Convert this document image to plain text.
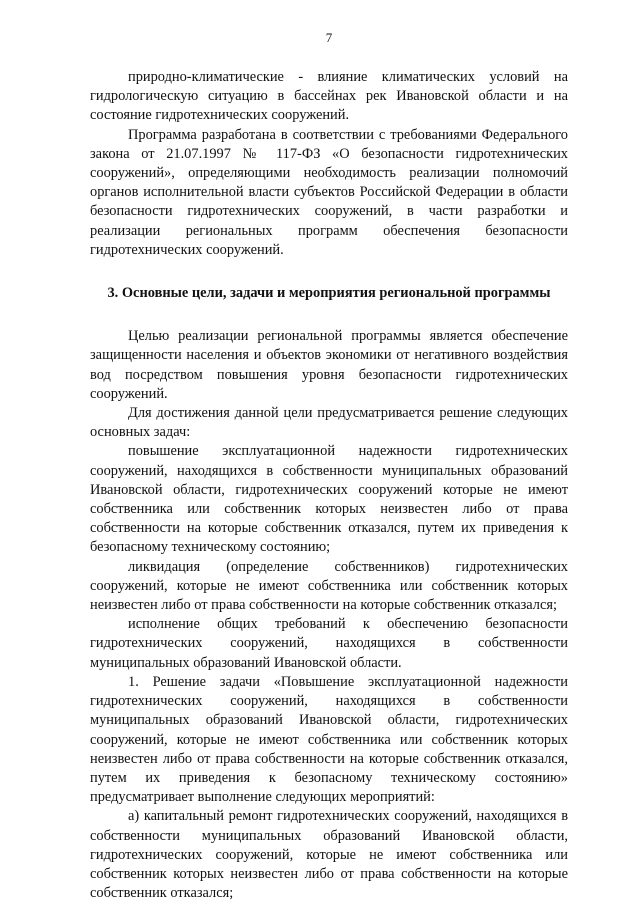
7

природно-климатические - влияние климатических условий на гидрологическую ситуацию в бассейнах рек Ивановской области и на состояние гидротехнических сооружений.

Программа разработана в соответствии с требованиями Федерального закона от 21.07.1997 № 117-ФЗ «О безопасности гидротехнических сооружений», определяющими необходимость реализации полномочий органов исполнительной власти субъектов Российской Федерации в области безопасности гидротехнических сооружений, в части разработки и реализации региональных программ обеспечения безопасности гидротехнических сооружений.

3. Основные цели, задачи и мероприятия региональной программы

Целью реализации региональной программы является обеспечение защищенности населения и объектов экономики от негативного воздействия вод посредством повышения уровня безопасности гидротехнических сооружений.

Для достижения данной цели предусматривается решение следующих основных задач:

повышение эксплуатационной надежности гидротехнических сооружений, находящихся в собственности муниципальных образований Ивановской области, гидротехнических сооружений которые не имеют собственника или собственник которых неизвестен либо от права собственности на которые собственник отказался, путем их приведения к безопасному техническому состоянию;

ликвидация (определение собственников) гидротехнических сооружений, которые не имеют собственника или собственник которых неизвестен либо от права собственности на которые собственник отказался;

исполнение общих требований к обеспечению безопасности гидротехнических сооружений, находящихся в собственности муниципальных образований Ивановской области.

1. Решение задачи «Повышение эксплуатационной надежности гидротехнических сооружений, находящихся в собственности муниципальных образований Ивановской области, гидротехнических сооружений, которые не имеют собственника или собственник которых неизвестен либо от права собственности на которые собственник отказался, путем их приведения к безопасному техническому состоянию» предусматривает выполнение следующих мероприятий:

а) капитальный ремонт гидротехнических сооружений, находящихся в собственности муниципальных образований Ивановской области, гидротехнических сооружений, которые не имеют собственника или собственник которых неизвестен либо от права собственности на которые собственник отказался;
